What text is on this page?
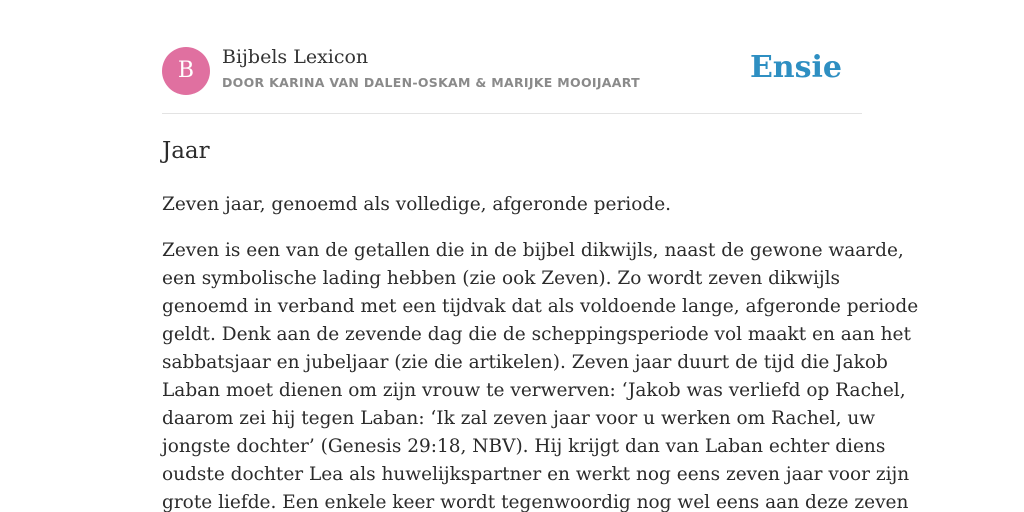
B
Bijbels Lexicon
DOOR KARINA VAN DALEN-OSKAM & MARIJKE MOOIJAART	Ensie
Jaar

Zeven jaar, genoemd als volledige, afgeronde periode.

Zeven is een van de getallen die in de bijbel dikwijls, naast de gewone waarde,
een symbolische lading hebben (zie ook Zeven). Zo wordt zeven dikwijls
genoemd in verband met een tijdvak dat als voldoende lange, afgeronde periode
geldt. Denk aan de zevende dag die de scheppingsperiode vol maakt en aan het
sabbatsjaar en jubeljaar (zie die artikelen). Zeven jaar duurt de tijd die Jakob
Laban moet dienen om zijn vrouw te verwerven: ‘Jakob was verliefd op Rachel,
daarom zei hij tegen Laban: ‘Ik zal zeven jaar voor u werken om Rachel, uw
jongste dochter’ (Genesis 29:18, NBV). Hij krijgt dan van Laban echter diens
oudste dochter Lea als huwelijkspartner en werkt nog eens zeven jaar voor zijn
grote liefde. Een enkele keer wordt tegenwoordig nog wel eens aan deze zeven
